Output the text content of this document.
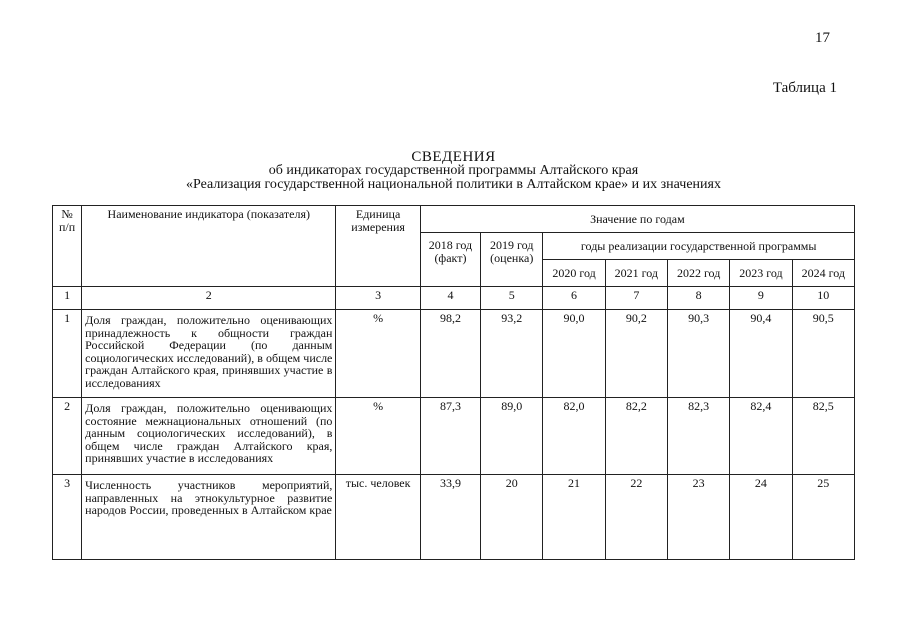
17
Таблица 1
СВЕДЕНИЯ
об индикаторах государственной программы Алтайского края
«Реализация государственной национальной политики в Алтайском крае» и их значениях
№ п/п	Наименование индикатора (показателя)	Единица измерения	Значение по годам						
			2018 год (факт)	2019 год (оценка)	годы реализации государственной программы				
					2020 год	2021 год	2022 год	2023 год	2024 год
1	2	3	4	5	6	7	8	9	10
1	Доля граждан, положительно оценивающих принадлежность к общности граждан Российской Федерации (по данным социологических исследований), в общем числе граждан Алтайского края, принявших участие в исследованиях	%	98,2	93,2	90,0	90,2	90,3	90,4	90,5
2	Доля граждан, положительно оценивающих состояние межнациональных отношений (по данным социологических исследований), в общем числе граждан Алтайского края, принявших участие в исследованиях	%	87,3	89,0	82,0	82,2	82,3	82,4	82,5
3	Численность участников мероприятий, направленных на этнокультурное развитие народов России, проведенных в Алтайском крае	тыс. человек	33,9	20	21	22	23	24	25
